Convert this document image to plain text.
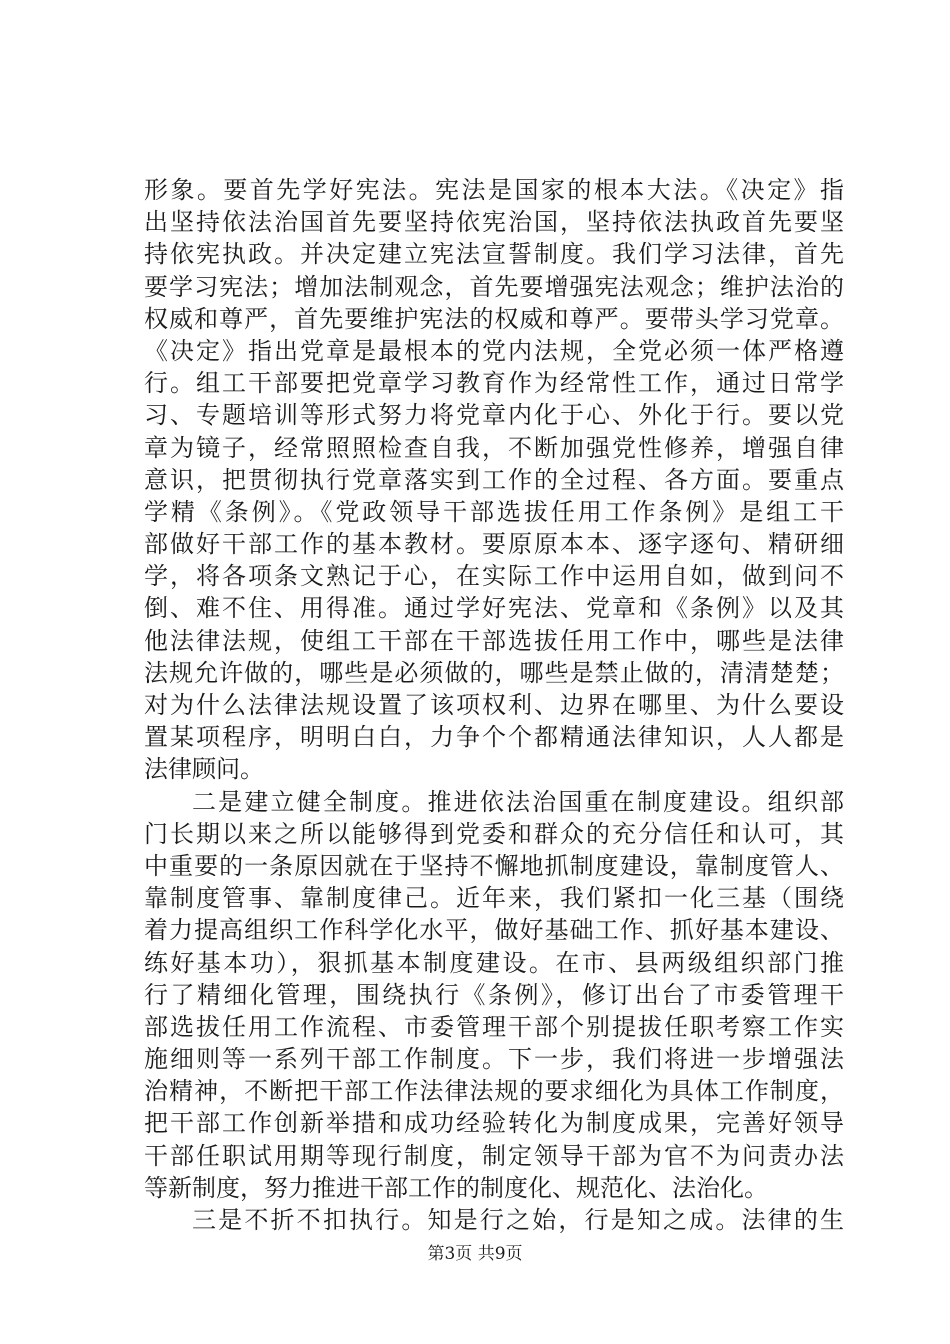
形象。要首先学好宪法。宪法是国家的根本大法。《决定》指
出坚持依法治国首先要坚持依宪治国，坚持依法执政首先要坚
持依宪执政。并决定建立宪法宣誓制度。我们学习法律，首先
要学习宪法；增加法制观念，首先要增强宪法观念；维护法治的
权威和尊严，首先要维护宪法的权威和尊严。要带头学习党章。
《决定》指出党章是最根本的党内法规，全党必须一体严格遵
行。组工干部要把党章学习教育作为经常性工作，通过日常学
习、专题培训等形式努力将党章内化于心、外化于行。要以党
章为镜子，经常照照检查自我，不断加强党性修养，增强自律
意识，把贯彻执行党章落实到工作的全过程、各方面。要重点
学精《条例》。《党政领导干部选拔任用工作条例》是组工干
部做好干部工作的基本教材。要原原本本、逐字逐句、精研细
学，将各项条文熟记于心，在实际工作中运用自如，做到问不
倒、难不住、用得准。通过学好宪法、党章和《条例》以及其
他法律法规，使组工干部在干部选拔任用工作中，哪些是法律
法规允许做的，哪些是必须做的，哪些是禁止做的，清清楚楚；
对为什么法律法规设置了该项权利、边界在哪里、为什么要设
置某项程序，明明白白，力争个个都精通法律知识，人人都是
法律顾问。
二是建立健全制度。推进依法治国重在制度建设。组织部
门长期以来之所以能够得到党委和群众的充分信任和认可，其
中重要的一条原因就在于坚持不懈地抓制度建设，靠制度管人、
靠制度管事、靠制度律己。近年来，我们紧扣一化三基（围绕
着力提高组织工作科学化水平，做好基础工作、抓好基本建设、
练好基本功），狠抓基本制度建设。在市、县两级组织部门推
行了精细化管理，围绕执行《条例》，修订出台了市委管理干
部选拔任用工作流程、市委管理干部个别提拔任职考察工作实
施细则等一系列干部工作制度。下一步，我们将进一步增强法
治精神，不断把干部工作法律法规的要求细化为具体工作制度，
把干部工作创新举措和成功经验转化为制度成果，完善好领导
干部任职试用期等现行制度，制定领导干部为官不为问责办法
等新制度，努力推进干部工作的制度化、规范化、法治化。
三是不折不扣执行。知是行之始，行是知之成。法律的生
第3页 共9页
